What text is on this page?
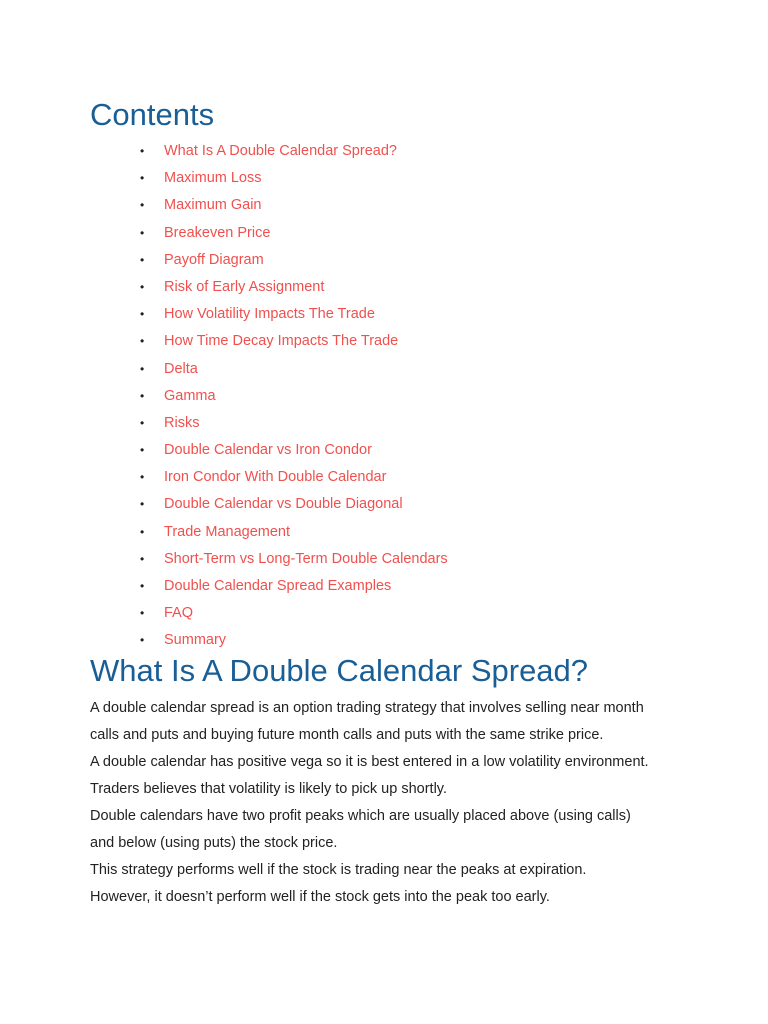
Contents
•	What Is A Double Calendar Spread?
•	Maximum Loss
•	Maximum Gain
•	Breakeven Price
•	Payoff Diagram
•	Risk of Early Assignment
•	How Volatility Impacts The Trade
•	How Time Decay Impacts The Trade
•	Delta
•	Gamma
•	Risks
•	Double Calendar vs Iron Condor
•	Iron Condor With Double Calendar
•	Double Calendar vs Double Diagonal
•	Trade Management
•	Short-Term vs Long-Term Double Calendars
•	Double Calendar Spread Examples
•	FAQ
•	Summary
What Is A Double Calendar Spread?

A double calendar spread is an option trading strategy that involves selling near month

calls and puts and buying future month calls and puts with the same strike price.

A double calendar has positive vega so it is best entered in a low volatility environment.

Traders believes that volatility is likely to pick up shortly.

Double calendars have two profit peaks which are usually placed above (using calls)

and below (using puts) the stock price.

This strategy performs well if the stock is trading near the peaks at expiration.

However, it doesn’t perform well if the stock gets into the peak too early.
